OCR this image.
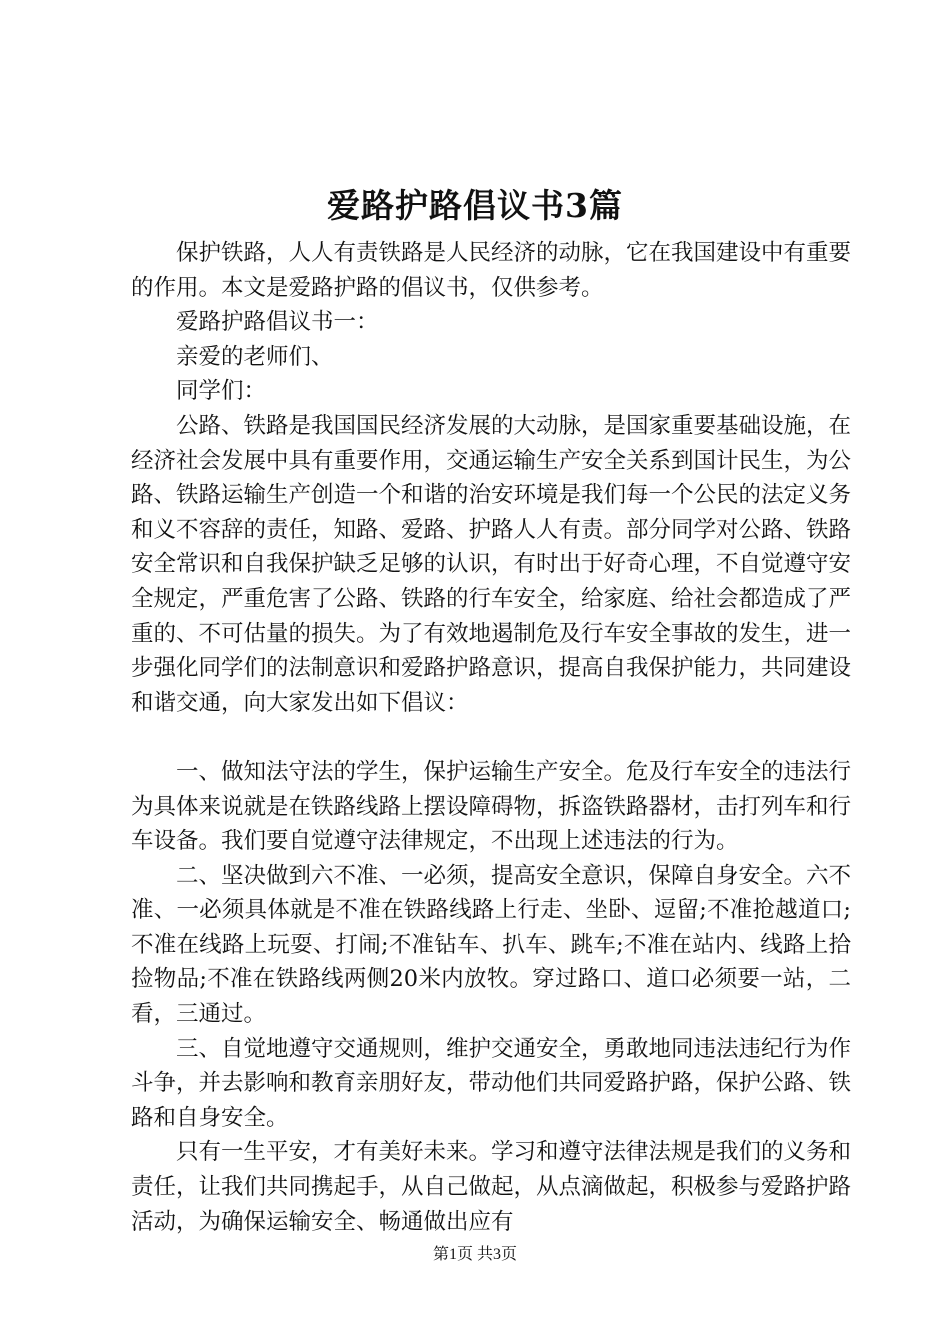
爱路护路倡议书3篇

保护铁路，人人有责铁路是人民经济的动脉，它在我国建设中有重要的作用。本文是爱路护路的倡议书，仅供参考。

爱路护路倡议书一：

亲爱的老师们、

同学们：

公路、铁路是我国国民经济发展的大动脉，是国家重要基础设施，在经济社会发展中具有重要作用，交通运输生产安全关系到国计民生，为公路、铁路运输生产创造一个和谐的治安环境是我们每一个公民的法定义务和义不容辞的责任，知路、爱路、护路人人有责。部分同学对公路、铁路安全常识和自我保护缺乏足够的认识，有时出于好奇心理，不自觉遵守安全规定，严重危害了公路、铁路的行车安全，给家庭、给社会都造成了严重的、不可估量的损失。为了有效地遏制危及行车安全事故的发生，进一步强化同学们的法制意识和爱路护路意识，提高自我保护能力，共同建设和谐交通，向大家发出如下倡议：

一、做知法守法的学生，保护运输生产安全。危及行车安全的违法行为具体来说就是在铁路线路上摆设障碍物，拆盗铁路器材，击打列车和行车设备。我们要自觉遵守法律规定，不出现上述违法的行为。

二、坚决做到六不准、一必须，提高安全意识，保障自身安全。六不准、一必须具体就是不准在铁路线路上行走、坐卧、逗留;不准抢越道口;不准在线路上玩耍、打闹;不准钻车、扒车、跳车;不准在站内、线路上拾捡物品;不准在铁路线两侧20米内放牧。穿过路口、道口必须要一站，二看，三通过。

三、自觉地遵守交通规则，维护交通安全，勇敢地同违法违纪行为作斗争，并去影响和教育亲朋好友，带动他们共同爱路护路，保护公路、铁路和自身安全。

只有一生平安，才有美好未来。学习和遵守法律法规是我们的义务和责任，让我们共同携起手，从自己做起，从点滴做起，积极参与爱路护路活动，为确保运输安全、畅通做出应有

第1页 共3页
